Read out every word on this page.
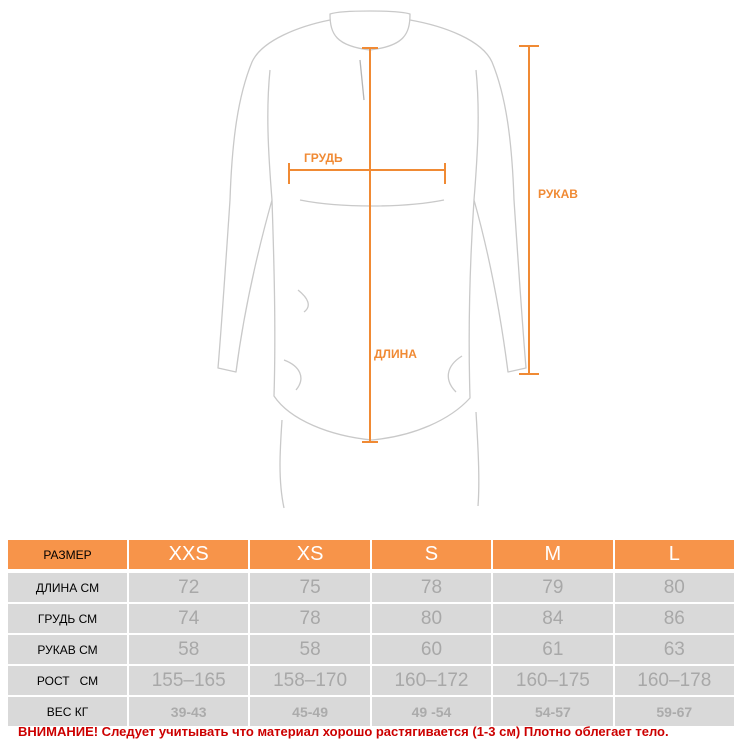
ГРУДЬ
РУКАВ
ДЛИНА
РАЗМЕР	XXS	XS	S	M	L
ДЛИНА СМ	72	75	78	79	80
ГРУДЬ СМ	74	78	80	84	86
РУКАВ СМ	58	58	60	61	63
РОСТ   СМ	155–165	158–170	160–172	160–175	160–178
ВЕС КГ	39-43	45-49	49 -54	54-57	59-67
ВНИМАНИЕ! Следует учитывать что материал хорошо растягивается (1-3 см) Плотно облегает тело.
